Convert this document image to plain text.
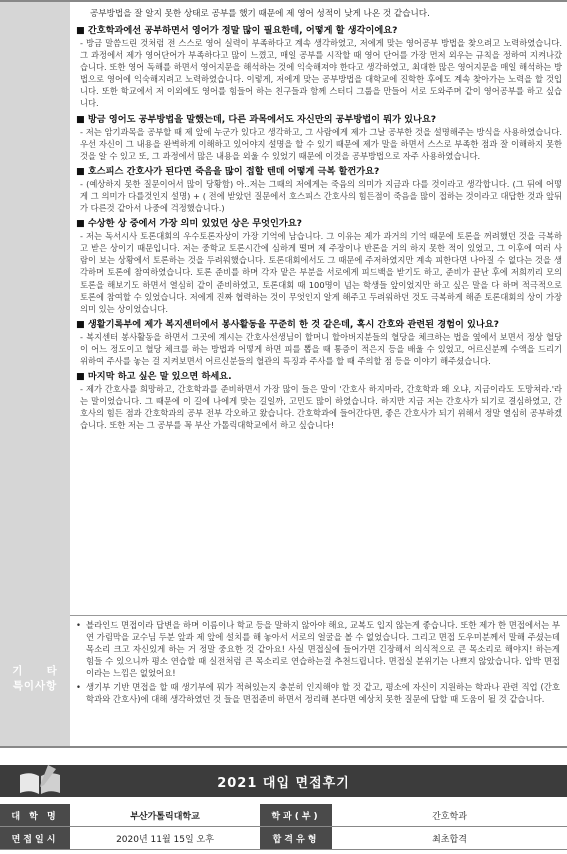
기     타
특이사항
공부방법을 잘 알지 못한 상태로 공부를 했기 때문에 제 영어 성적이 낮게 나온 것 같습니다.
■ 간호학과에선 공부하면서 영어가 정말 많이 필요한데, 어떻게 할 생각이에요?
- 방금 말씀드린 것처럼 전 스스로 영어 실력이 부족하다고 계속 생각하였고, 저에게 맞는 영어공부 방법을 찾으려고 노력하였습니다. 그 과정에서 제가 영어단어가 부족하다고 많이 느꼈고, 매일 공부를 시작할 때 영어 단어를 가장 먼저 외우는 규칙을 정하여 지켜나갔습니다. 또한 영어 독해를 하면서 영어지문을 해석하는 것에 익숙해져야 한다고 생각하였고, 최대한 많은 영어지문을 매일 해석하는 방법으로 영어에 익숙해지려고 노력하였습니다. 이렇게, 저에게 맞는 공부방법을 대학교에 진학한 후에도 계속 찾아가는 노력을 할 것입니다. 또한 학교에서 저 이외에도 영어를 힘들어 하는 친구들과 함께 스터디 그룹을 만들어 서로 도와주며 같이 영어공부를 하고 싶습니다.
■ 방금 영어도 공부방법을 말했는데, 다른 과목에서도 자신만의 공부방법이 뭐가 있나요?
- 저는 암기과목을 공부할 때 제 앞에 누군가 있다고 생각하고, 그 사람에게 제가 그날 공부한 것을 설명해주는 방식을 사용하였습니다. 우선 자신이 그 내용을 완벽하게 이해하고 있어야지 설명을 할 수 있기 때문에 제가 말을 하면서 스스로 부족한 점과 잘 이해하지 못한 것을 알 수 있고 또, 그 과정에서 많은 내용을 외울 수 있었기 때문에 이것을 공부방법으로 자주 사용하였습니다.
■ 호스피스 간호사가 된다면 죽음을 많이 접할 텐데 어떻게 극복 할껀가요?
- (예상하지 못한 질문이어서 많이 당황함) 아..저는 그때의 저에게는 죽음의 의미가 지금과 다를 것이라고 생각합니다. (그 뒤에 어떻게 그 의미가 다를것인지 설명) + ( 전에 받았던 질문에서 호스피스 간호사의 힘든점이 죽음을 많이 접하는 것이라고 대답한 것과 앞뒤가 다른것 같아서 나중에 걱정했습니다.)
■ 수상한 상 중에서 가장 의미 있었던 상은 무엇인가요?
- 저는 독서시사 토론대회의 우수토론자상이 가장 기억에 남습니다. 그 이유는 제가 과거의 기억 때문에 토론을 꺼려했던 것을 극복하고 받은 상이기 때문입니다. 저는 중학교 토론시간에 심하게 떨며 제 주장이나 반론을 거의 하지 못한 적이 있었고, 그 이후에 여러 사람이 보는 상황에서 토론하는 것을 두려워했습니다. 토론대회에서도 그 때문에 주저하였지만 계속 피한다면 나아질 수 없다는 것을 생각하며 토론에 참여하였습니다. 토론 준비를 하며 각자 맡은 부분을 서로에게 피드백을 받기도 하고, 준비가 끝난 후에 저희끼리 모의 토론을 해보기도 하면서 열심히 같이 준비하였고, 토론대회 때 100명이 넘는 학생들 앞이었지만 하고 싶은 말을 다 하며 적극적으로 토론에 참여할 수 있었습니다. 저에게 진짜 협력하는 것이 무엇인지 알게 해주고 두려워하던 것도 극복하게 해준 토론대회의 상이 가장 의미 있는 상이었습니다.
■ 생활기록부에 제가 복지센터에서 봉사활동을 꾸준히 한 것 같은데, 혹시 간호와 관련된 경험이 있나요?
- 복지센터 봉사활동을 하면서 그곳에 계시는 간호사선생님이 할머니 할아버지분들의 혈당을 체크하는 법을 옆에서 보면서 정상 혈당이 어느 정도이고 혈당 체크를 하는 방법과 어떻게 하면 피를 뽑을 때 통증이 적은지 등을 배울 수 있었고, 어르신분께 수액을 드리기 위하여 주사를 놓는 걸 지켜보면서 어르신분들의 혈관의 특징과 주사를 할 때 주의할 점 등을 이야기 해주셨습니다.
■ 마지막 하고 싶은 말 있으면 하세요.
- 제가 간호사를 희망하고, 간호학과를 준비하면서 가장 많이 들은 말이 '간호사 하지마라, 간호학과 왜 오냐, 지금이라도 도망쳐라.'라는 말이었습니다. 그 때문에 이 길에 나에게 맞는 길일까, 고민도 많이 하였습니다. 하지만 지금 저는 간호사가 되기로 결심하였고, 간호사의 힘든 점과 간호학과의 공부 전부 각오하고 왔습니다. 간호학과에 들어간다면, 좋은 간호사가 되기 위해서 정말 열심히 공부하겠습니다. 또한 저는 그 공부를 꼭 부산 가톨릭대학교에서 하고 싶습니다!
• 블라인드 면접이라 답변을 하며 이름이나 학교 등을 말하지 않아야 해요, 교복도 입지 않는게 좋습니다. 또한 제가 한 면접에서는 부연 가림막을 교수님 두분 앞과 제 앞에 설치를 해 놓아서 서로의 얼굴을 볼 수 없었습니다. 그리고 면접 도우미분께서 말해 주셨는데 목소리 크고 자신있게 하는 거 정말 중요한 것 같아요! 사실 면접실에 들어가면 긴장해서 의식적으로 큰 목소리로 해야지! 하는게 힘들 수 있으니까 평소 연습할 때 실전처럼 큰 목소리로 연습하는걸 추천드립니다. 면접실 분위기는 나쁘지 않았습니다. 압박 면접이라는 느낌은 없었어요!
• 생기부 기반 면접을 할 때 생기부에 뭐가 적혀있는지 충분히 인지해야 할 것 같고, 평소에 자신이 지원하는 학과나 관련 직업 (간호학과와 간호사)에 대해 생각하였던 것 들을 면접준비 하면서 정리해 본다면 예상치 못한 질문에 답할 때 도움이 될 것 같습니다.
2021 대입 면접후기
대 학 명	부산가톨릭대학교	학과(부)	간호학과
면접일시	2020년 11월 15일 오후	합격유형	최초합격
